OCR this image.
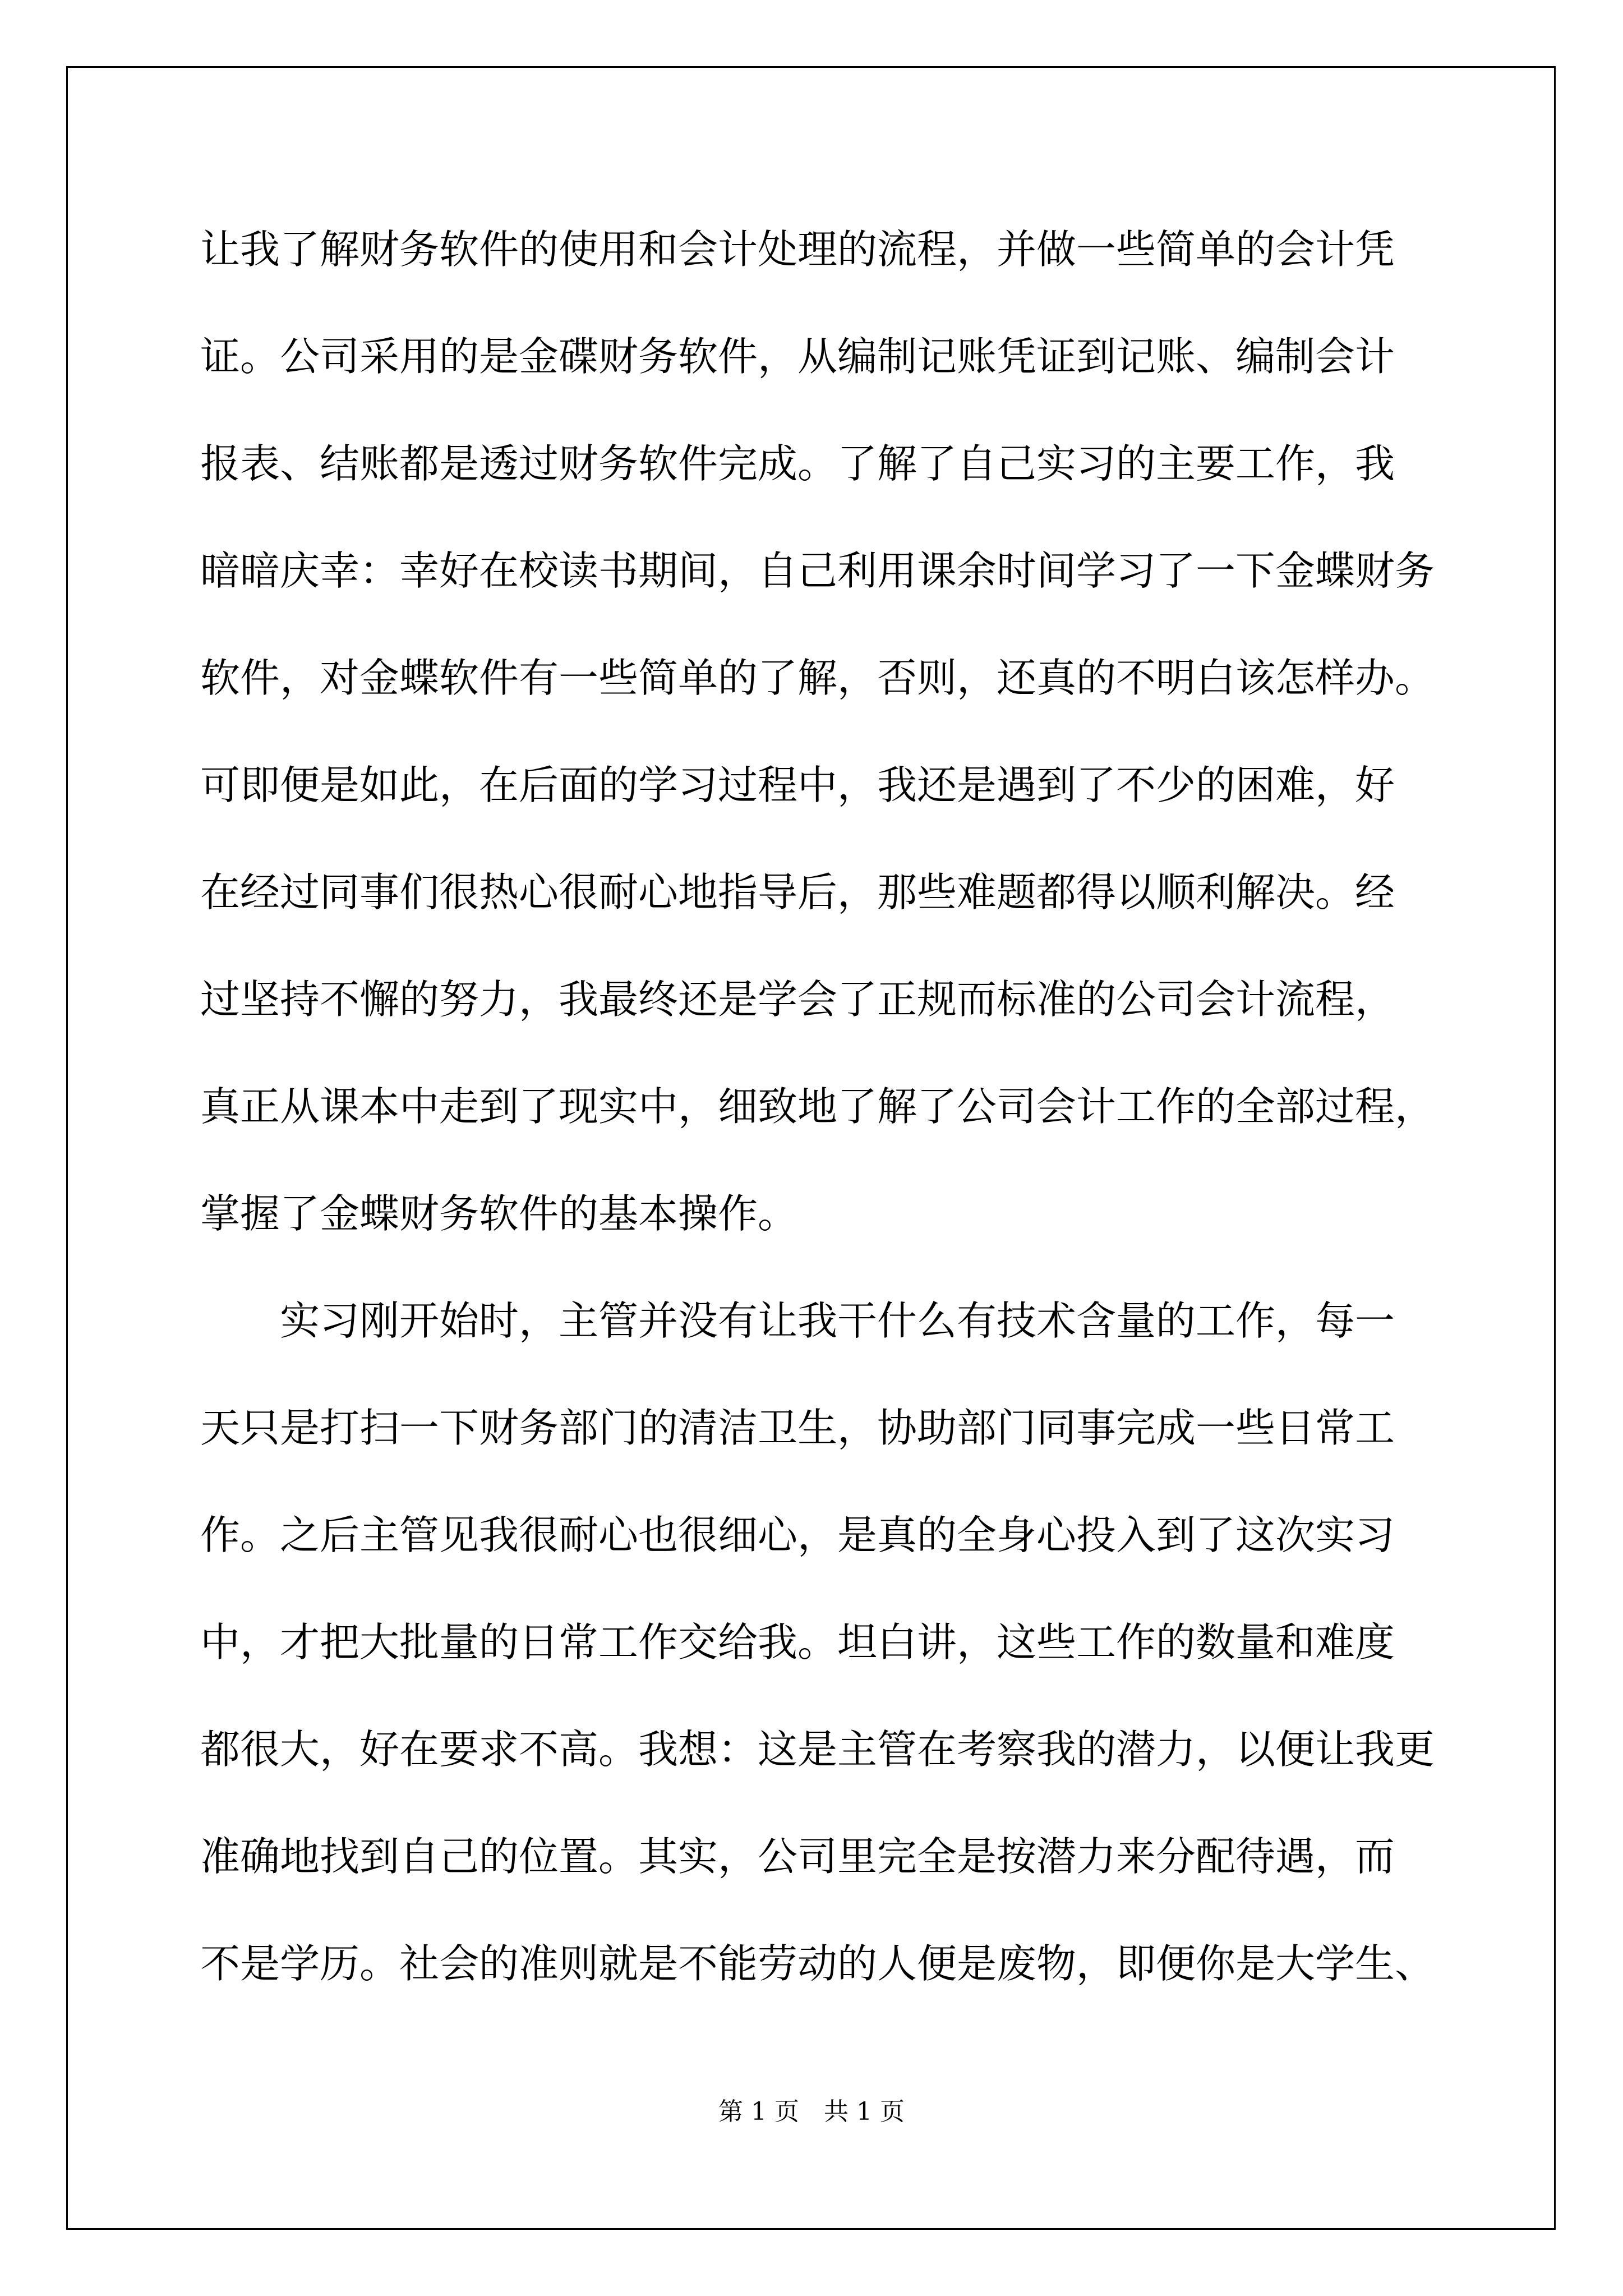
让我了解财务软件的使用和会计处理的流程，并做一些简单的会计凭

证。公司采用的是金碟财务软件，从编制记账凭证到记账、编制会计

报表、结账都是透过财务软件完成。了解了自己实习的主要工作，我

暗暗庆幸：幸好在校读书期间，自己利用课余时间学习了一下金蝶财务

软件，对金蝶软件有一些简单的了解，否则，还真的不明白该怎样办。

可即便是如此，在后面的学习过程中，我还是遇到了不少的困难，好

在经过同事们很热心很耐心地指导后，那些难题都得以顺利解决。经

过坚持不懈的努力，我最终还是学会了正规而标准的公司会计流程，

真正从课本中走到了现实中，细致地了解了公司会计工作的全部过程，

掌握了金蝶财务软件的基本操作。

　　实习刚开始时，主管并没有让我干什么有技术含量的工作，每一

天只是打扫一下财务部门的清洁卫生，协助部门同事完成一些日常工

作。之后主管见我很耐心也很细心，是真的全身心投入到了这次实习

中，才把大批量的日常工作交给我。坦白讲，这些工作的数量和难度

都很大，好在要求不高。我想：这是主管在考察我的潜力，以便让我更

准确地找到自己的位置。其实，公司里完全是按潜力来分配待遇，而

不是学历。社会的准则就是不能劳动的人便是废物，即便你是大学生、

第 1 页　共 1 页
